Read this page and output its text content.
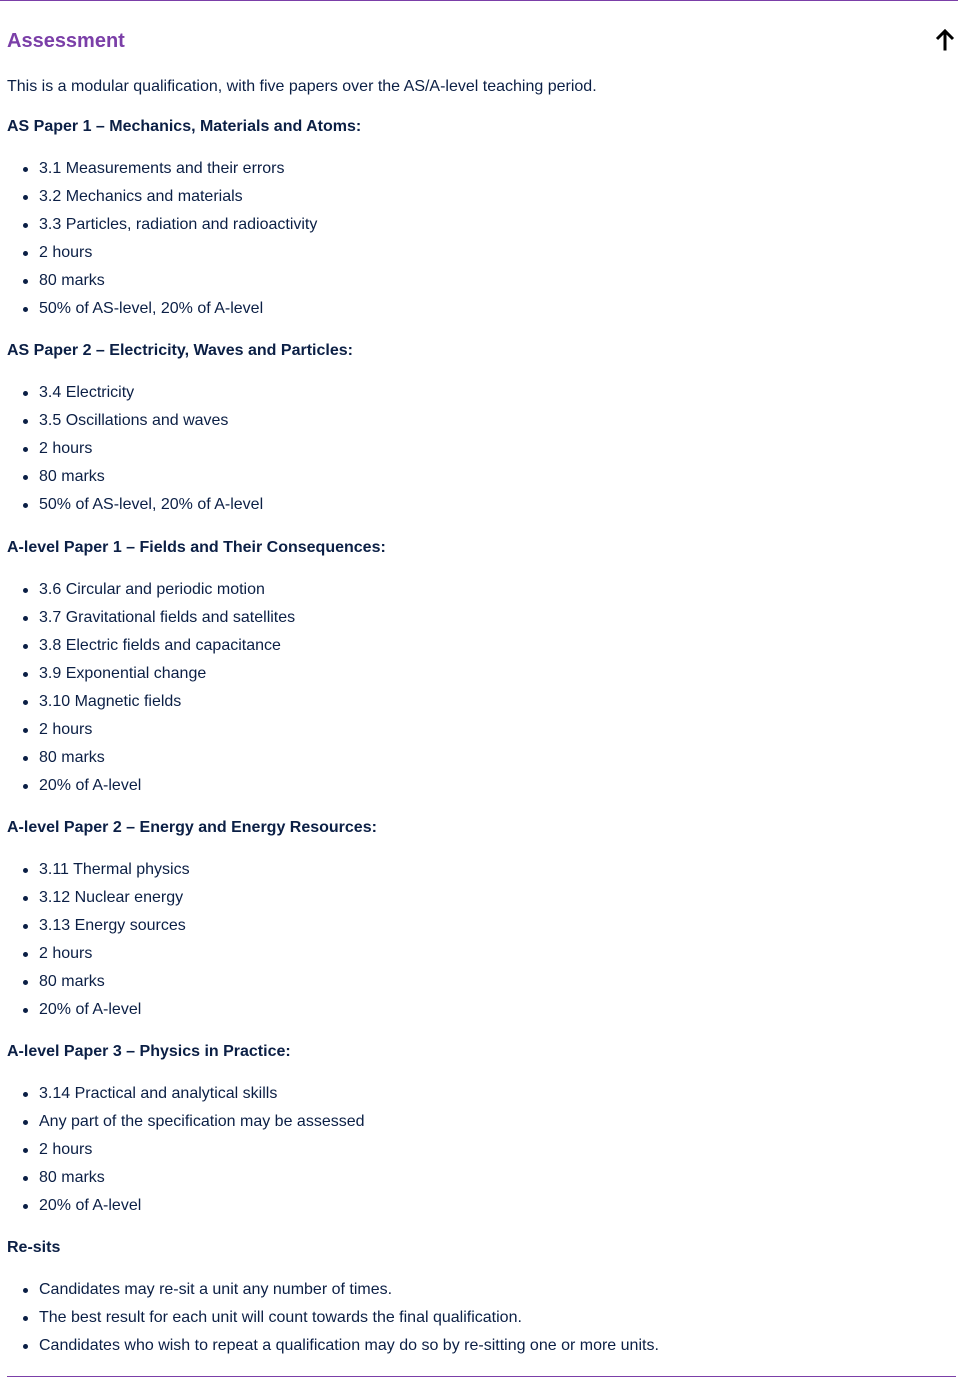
Assessment

This is a modular qualification, with five papers over the AS/A-level teaching period.

AS Paper 1 – Mechanics, Materials and Atoms:
3.1 Measurements and their errors
3.2 Mechanics and materials
3.3 Particles, radiation and radioactivity
2 hours
80 marks
50% of AS-level, 20% of A-level
AS Paper 2 – Electricity, Waves and Particles:
3.4 Electricity
3.5 Oscillations and waves
2 hours
80 marks
50% of AS-level, 20% of A-level
A-level Paper 1 – Fields and Their Consequences:
3.6 Circular and periodic motion
3.7 Gravitational fields and satellites
3.8 Electric fields and capacitance
3.9 Exponential change
3.10 Magnetic fields
2 hours
80 marks
20% of A-level
A-level Paper 2 – Energy and Energy Resources:
3.11 Thermal physics
3.12 Nuclear energy
3.13 Energy sources
2 hours
80 marks
20% of A-level
A-level Paper 3 – Physics in Practice:
3.14 Practical and analytical skills
Any part of the specification may be assessed
2 hours
80 marks
20% of A-level
Re-sits
Candidates may re-sit a unit any number of times.
The best result for each unit will count towards the final qualification.
Candidates who wish to repeat a qualification may do so by re-sitting one or more units.
